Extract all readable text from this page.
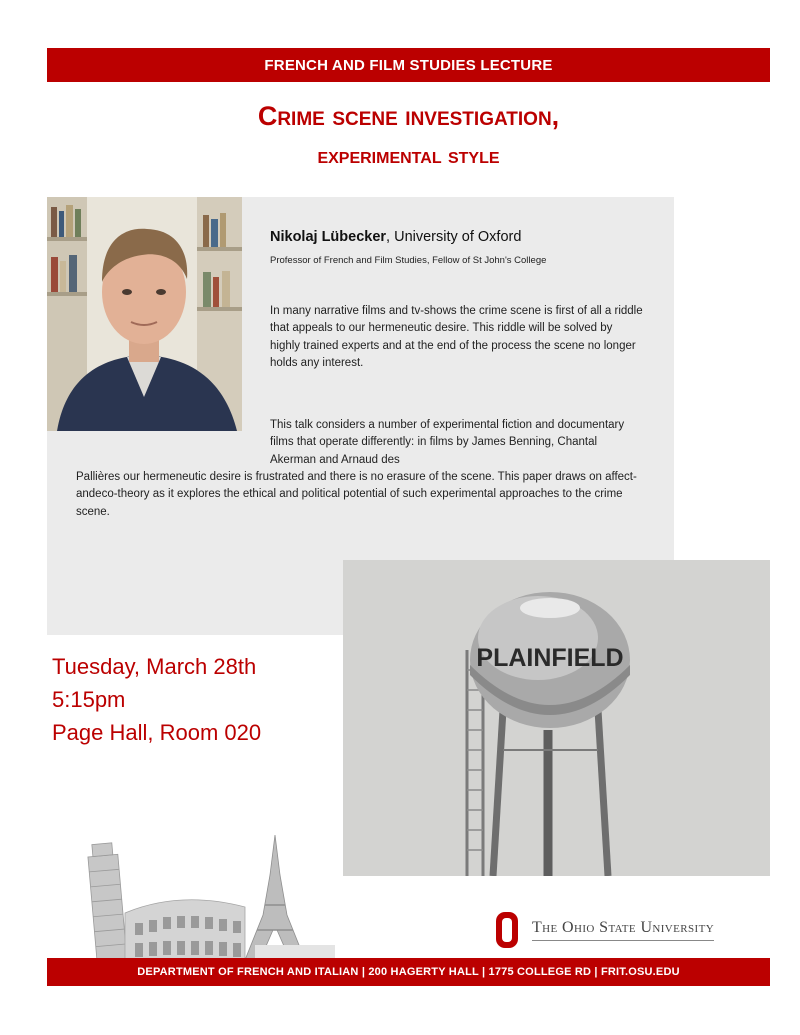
FRENCH AND FILM STUDIES LECTURE
Crime scene investigation,
experimental style
Nikolaj Lübecker, University of Oxford
Professor of French and Film Studies, Fellow of St John's College

In many narrative films and tv-shows the crime scene is first of all a riddle that appeals to our hermeneutic desire. This riddle will be solved by highly trained experts and at the end of the process the scene no longer holds any interest.

This talk considers a number of experimental fiction and documentary films that operate differently: in films by James Benning, Chantal Akerman and Arnaud des

Pallières our hermeneutic desire is frustrated and there is no erasure of the scene. This paper draws on affect- andeco-theory as it explores the ethical and political potential of such experimental approaches to the crime scene.

Tuesday, March 28th
5:15pm
Page Hall, Room 020
PLAINFIELD
The Ohio State University
DEPARTMENT OF FRENCH AND ITALIAN | 200 HAGERTY HALL | 1775 COLLEGE RD | FRIT.OSU.EDU
